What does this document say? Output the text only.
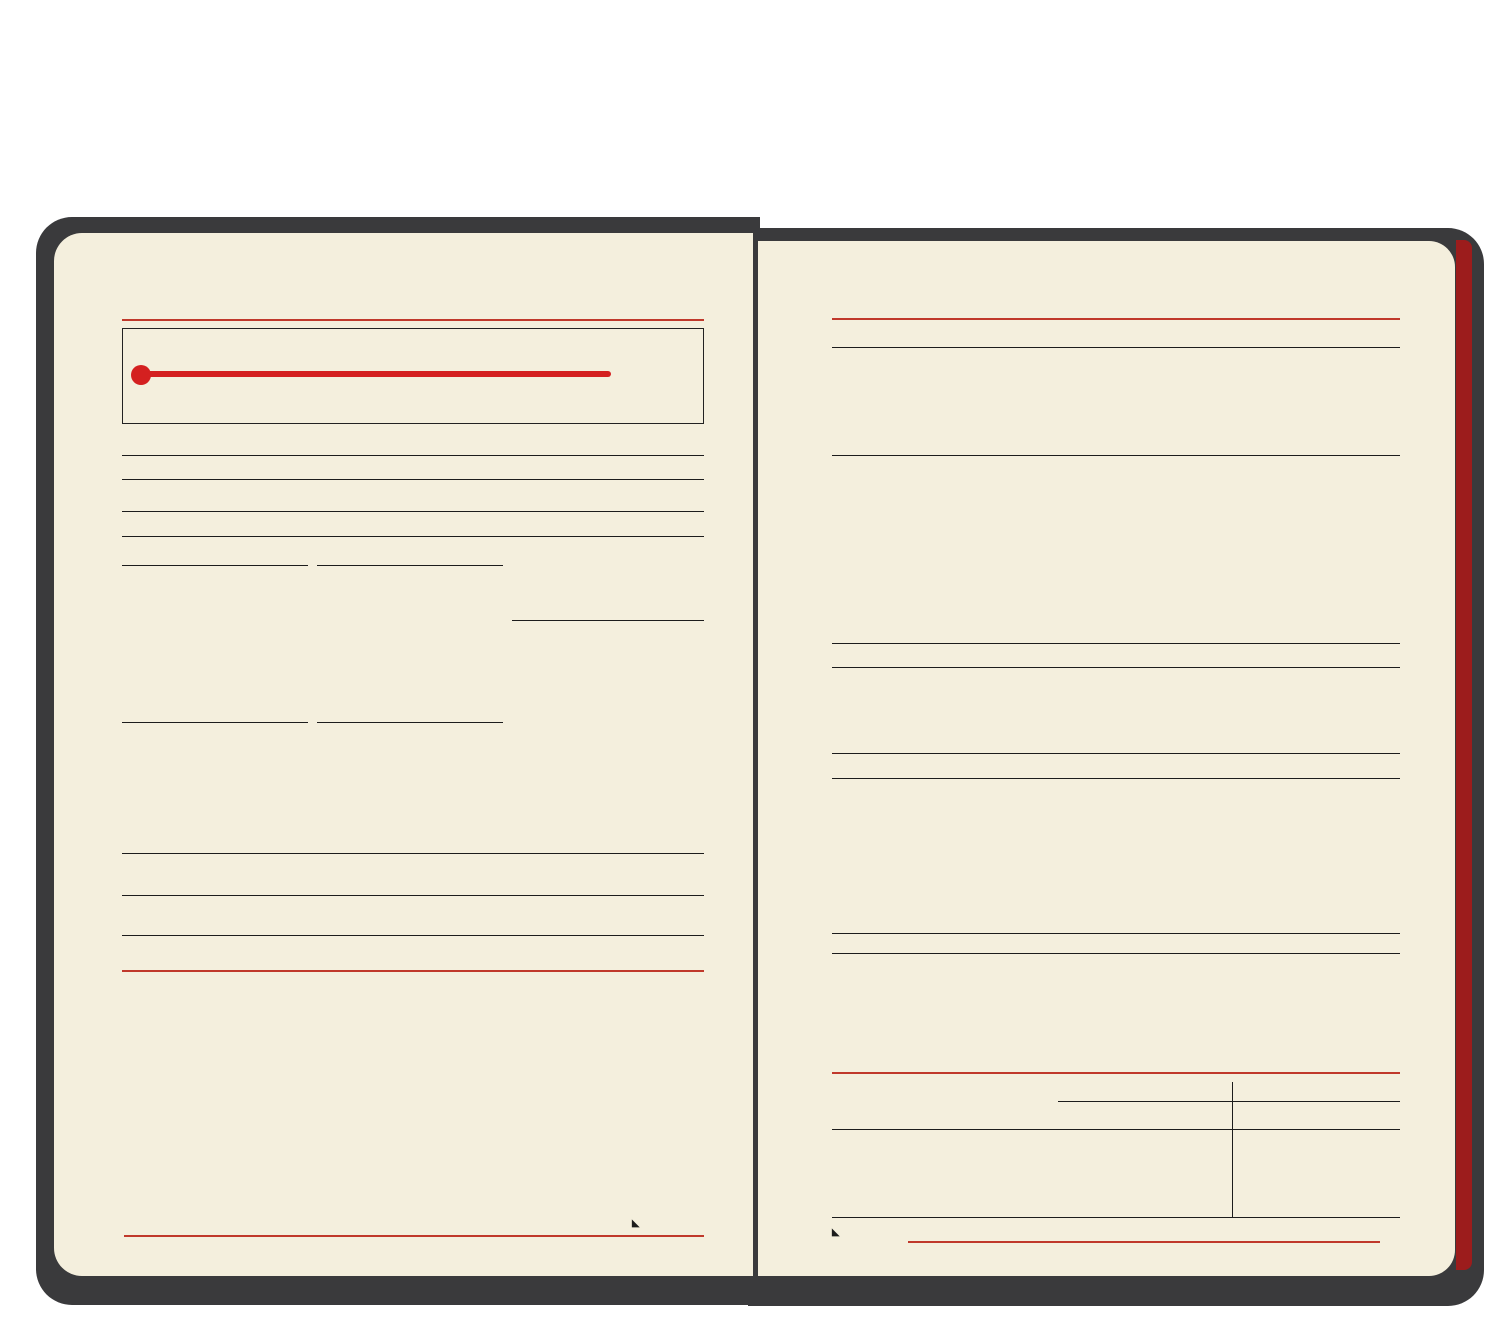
◣
◣
